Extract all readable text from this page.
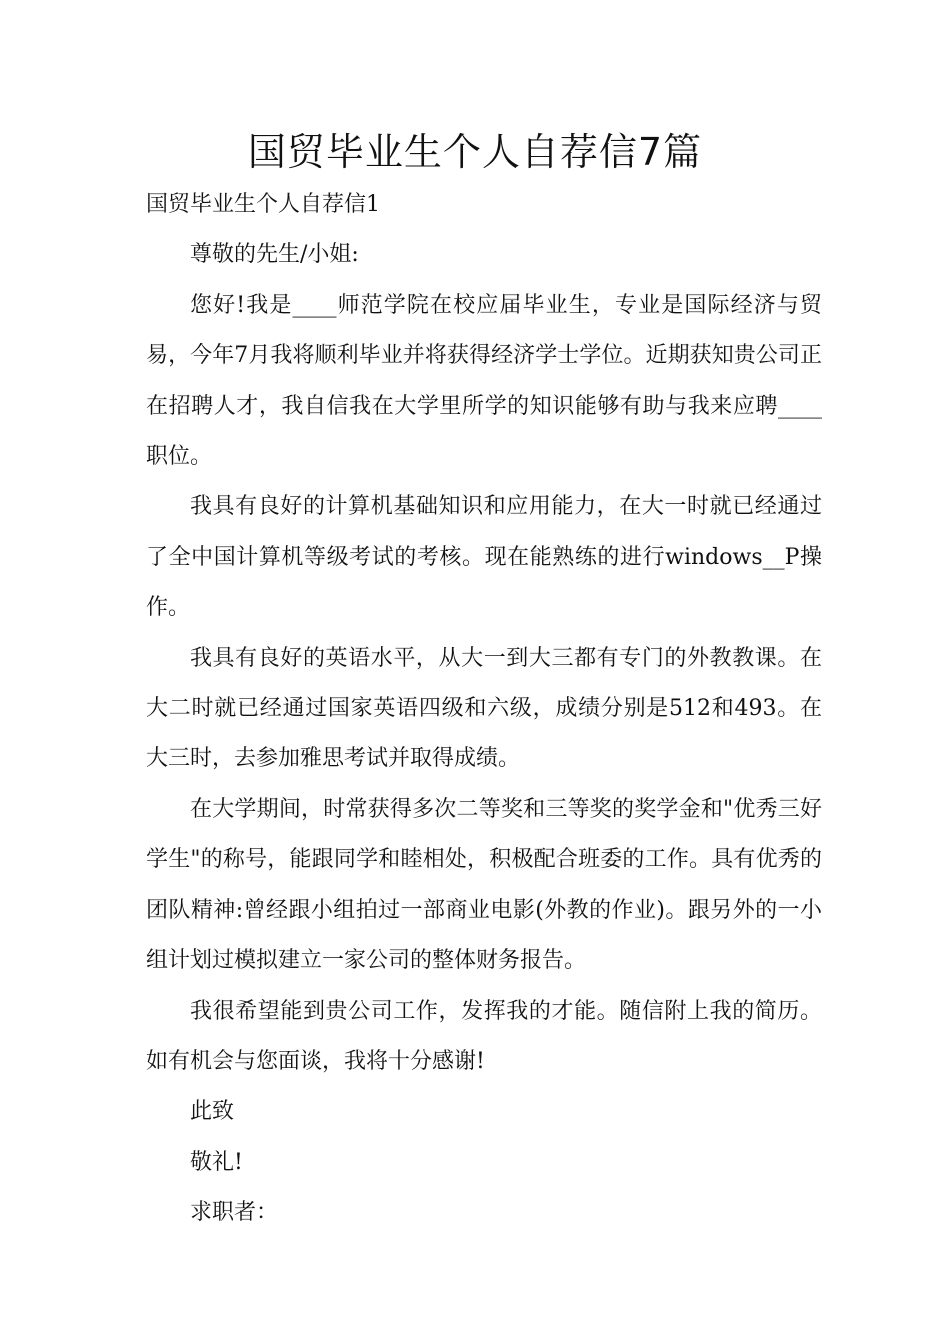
国贸毕业生个人自荐信7篇

国贸毕业生个人自荐信1

尊敬的先生/小姐:

您好!我是____师范学院在校应届毕业生，专业是国际经济与贸易，今年7月我将顺利毕业并将获得经济学士学位。近期获知贵公司正在招聘人才，我自信我在大学里所学的知识能够有助与我来应聘____职位。

我具有良好的计算机基础知识和应用能力，在大一时就已经通过了全中国计算机等级考试的考核。现在能熟练的进行windows__P操作。

我具有良好的英语水平，从大一到大三都有专门的外教教课。在大二时就已经通过国家英语四级和六级，成绩分别是512和493。在大三时，去参加雅思考试并取得成绩。

在大学期间，时常获得多次二等奖和三等奖的奖学金和"优秀三好学生"的称号，能跟同学和睦相处，积极配合班委的工作。具有优秀的团队精神:曾经跟小组拍过一部商业电影(外教的作业)。跟另外的一小组计划过模拟建立一家公司的整体财务报告。

我很希望能到贵公司工作，发挥我的才能。随信附上我的简历。如有机会与您面谈，我将十分感谢!

此致

敬礼!

求职者：
